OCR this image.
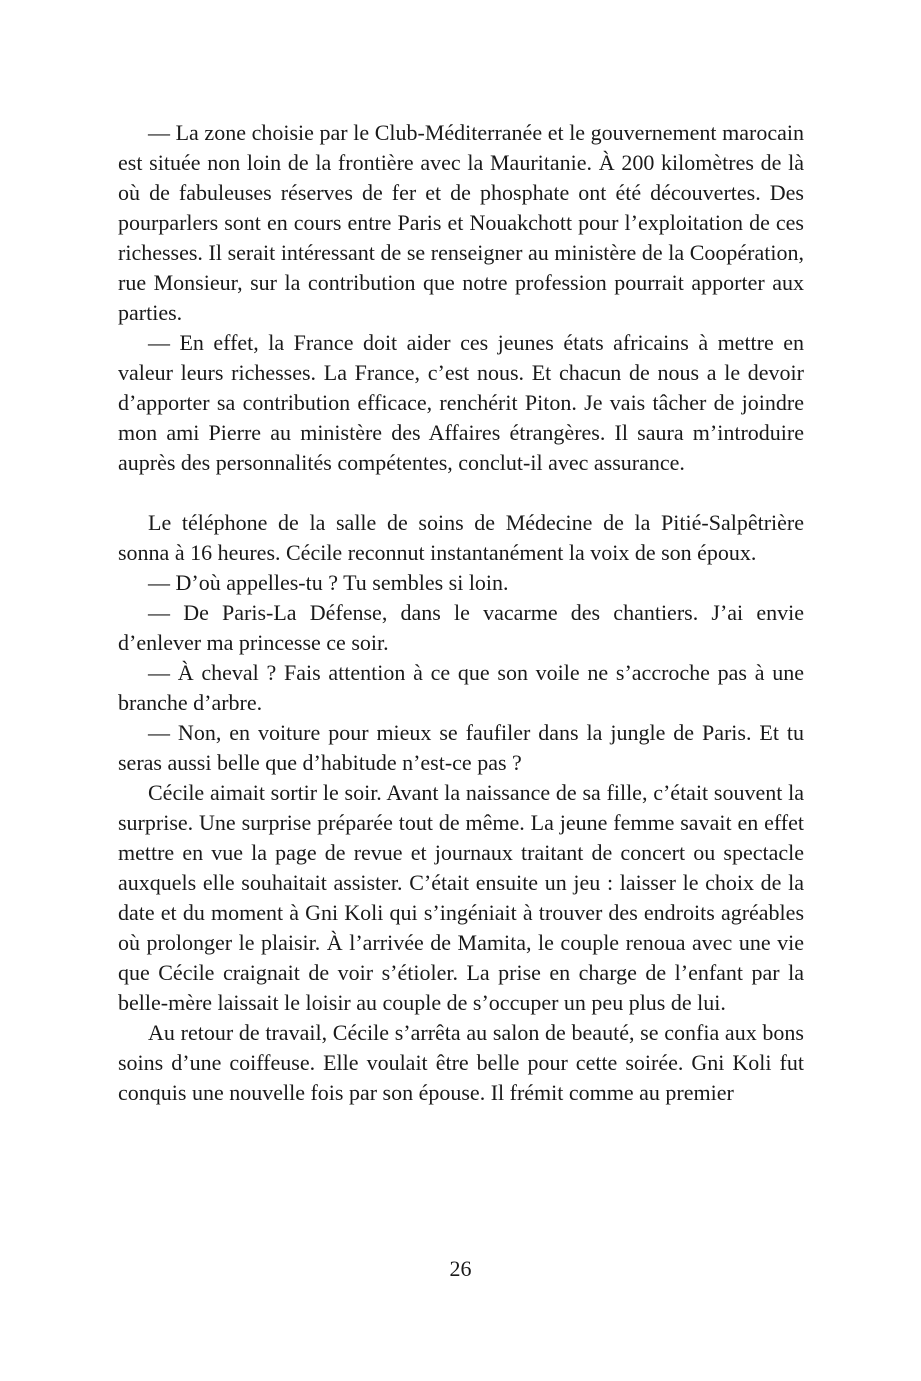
— La zone choisie par le Club-Méditerranée et le gouvernement marocain est située non loin de la frontière avec la Mauritanie. À 200 kilomètres de là où de fabuleuses réserves de fer et de phosphate ont été découvertes. Des pourparlers sont en cours entre Paris et Nouakchott pour l’exploitation de ces richesses. Il serait intéressant de se renseigner au ministère de la Coopération, rue Monsieur, sur la contribution que notre profession pourrait apporter aux parties.

— En effet, la France doit aider ces jeunes états africains à mettre en valeur leurs richesses. La France, c’est nous. Et chacun de nous a le devoir d’apporter sa contribution efficace, renchérit Piton. Je vais tâcher de joindre mon ami Pierre au ministère des Affaires étrangères. Il saura m’introduire auprès des personnalités compétentes, conclut-il avec assurance.

Le téléphone de la salle de soins de Médecine de la Pitié-Salpêtrière sonna à 16 heures. Cécile reconnut instantanément la voix de son époux.

— D’où appelles-tu ? Tu sembles si loin.

— De Paris-La Défense, dans le vacarme des chantiers. J’ai envie d’enlever ma princesse ce soir.

— À cheval ? Fais attention à ce que son voile ne s’accroche pas à une branche d’arbre.

— Non, en voiture pour mieux se faufiler dans la jungle de Paris. Et tu seras aussi belle que d’habitude n’est-ce pas ?

Cécile aimait sortir le soir. Avant la naissance de sa fille, c’était souvent la surprise. Une surprise préparée tout de même. La jeune femme savait en effet mettre en vue la page de revue et journaux traitant de concert ou spectacle auxquels elle souhaitait assister. C’était ensuite un jeu : laisser le choix de la date et du moment à Gni Koli qui s’ingéniait à trouver des endroits agréables où prolonger le plaisir. À l’arrivée de Mamita, le couple renoua avec une vie que Cécile craignait de voir s’étioler. La prise en charge de l’enfant par la belle-mère laissait le loisir au couple de s’occuper un peu plus de lui.

Au retour de travail, Cécile s’arrêta au salon de beauté, se confia aux bons soins d’une coiffeuse. Elle voulait être belle pour cette soirée. Gni Koli fut conquis une nouvelle fois par son épouse. Il frémit comme au premier

26
